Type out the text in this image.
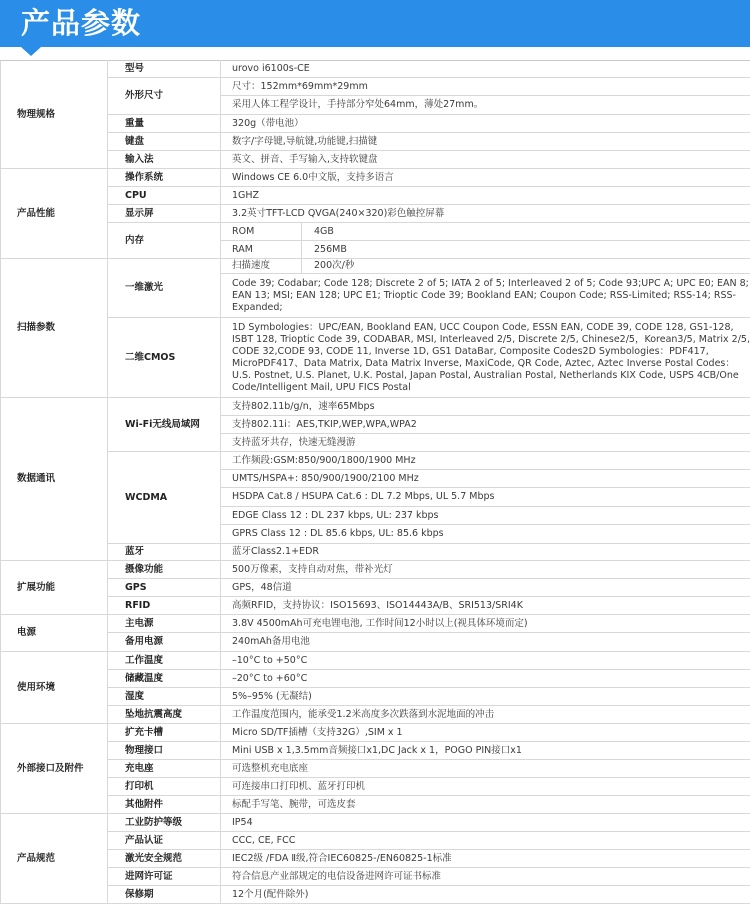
产品参数
物理规格	型号	urovo i6100s-CE	
	外形尺寸	尺寸：152mm*69mm*29mm	
		采用人体工程学设计，手持部分窄处64mm，薄处27mm。	
	重量	320g（带电池）	
	键盘	数字/字母键,导航键,功能键,扫描键	
	输入法	英文、拼音、手写输入,支持软键盘	
产品性能	操作系统	Windows CE 6.0中文版，支持多语言	
	CPU	1GHZ	
	显示屏	3.2英寸TFT-LCD QVGA(240×320)彩色触控屏幕	
	内存	ROM	4GB
		RAM	256MB
扫描参数	一维激光	扫描速度	200次/秒
		Code 39; Codabar; Code 128; Discrete 2 of 5; IATA 2 of 5; Interleaved 2 of 5; Code 93;UPC A; UPC E0; EAN 8; EAN 13; MSI; EAN 128; UPC E1; Trioptic Code 39; Bookland EAN; Coupon Code; RSS-Limited; RSS-14; RSS-Expanded;	
	二维CMOS	1D Symbologies：UPC/EAN, Bookland EAN, UCC Coupon Code, ESSN EAN, CODE 39, CODE 128, GS1-128, ISBT 128, Trioptic Code 39, CODABAR, MSI, Interleaved 2/5, Discrete 2/5, Chinese2/5，Korean3/5, Matrix 2/5, CODE 32,CODE 93, CODE 11, Inverse 1D, GS1 DataBar, Composite Codes2D Symbologies：PDF417, MicroPDF417、Data Matrix, Data Matrix Inverse, MaxiCode, QR Code, Aztec, Aztec Inverse Postal Codes：U.S. Postnet, U.S. Planet, U.K. Postal, Japan Postal, Australian Postal, Netherlands KIX Code, USPS 4CB/One Code/Intelligent Mail, UPU FICS Postal	
数据通讯	Wi-Fi无线局域网	支持802.11b/g/n，速率65Mbps	
		支持802.11i：AES,TKIP,WEP,WPA,WPA2	
		支持蓝牙共存，快速无缝漫游	
	WCDMA	工作频段:GSM:850/900/1800/1900 MHz	
		UMTS/HSPA+: 850/900/1900/2100 MHz	
		HSDPA Cat.8 / HSUPA Cat.6 : DL 7.2 Mbps, UL 5.7 Mbps	
		EDGE Class 12 : DL 237 kbps, UL: 237 kbps	
		GPRS Class 12 : DL 85.6 kbps, UL: 85.6 kbps	
	蓝牙	蓝牙Class2.1+EDR	
扩展功能	摄像功能	500万像素，支持自动对焦，带补光灯	
	GPS	GPS，48信道	
	RFID	高频RFID，支持协议：ISO15693、ISO14443A/B、SRI513/SRI4K	
电源	主电源	3.8V 4500mAh可充电锂电池, 工作时间12小时以上(视具体环境而定)	
	备用电源	240mAh备用电池	
使用环境	工作温度	–10°C to +50°C	
	储藏温度	–20°C to +60°C	
	湿度	5%–95% (无凝结)	
	坠地抗震高度	工作温度范围内，能承受1.2米高度多次跌落到水泥地面的冲击	
外部接口及附件	扩充卡槽	Micro SD/TF插槽（支持32G）,SIM x 1	
	物理接口	Mini USB x 1,3.5mm音频接口x1,DC Jack x 1，POGO PIN接口x1	
	充电座	可选整机充电底座	
	打印机	可连接串口打印机、蓝牙打印机	
	其他附件	标配手写笔、腕带，可选皮套	
产品规范	工业防护等级	IP54	
	产品认证	CCC, CE, FCC	
	激光安全规范	IEC2级 /FDA Ⅱ级,符合IEC60825-/EN60825-1标准	
	进网许可证	符合信息产业部规定的电信设备进网许可证书标准	
	保修期	12个月(配件除外)	
